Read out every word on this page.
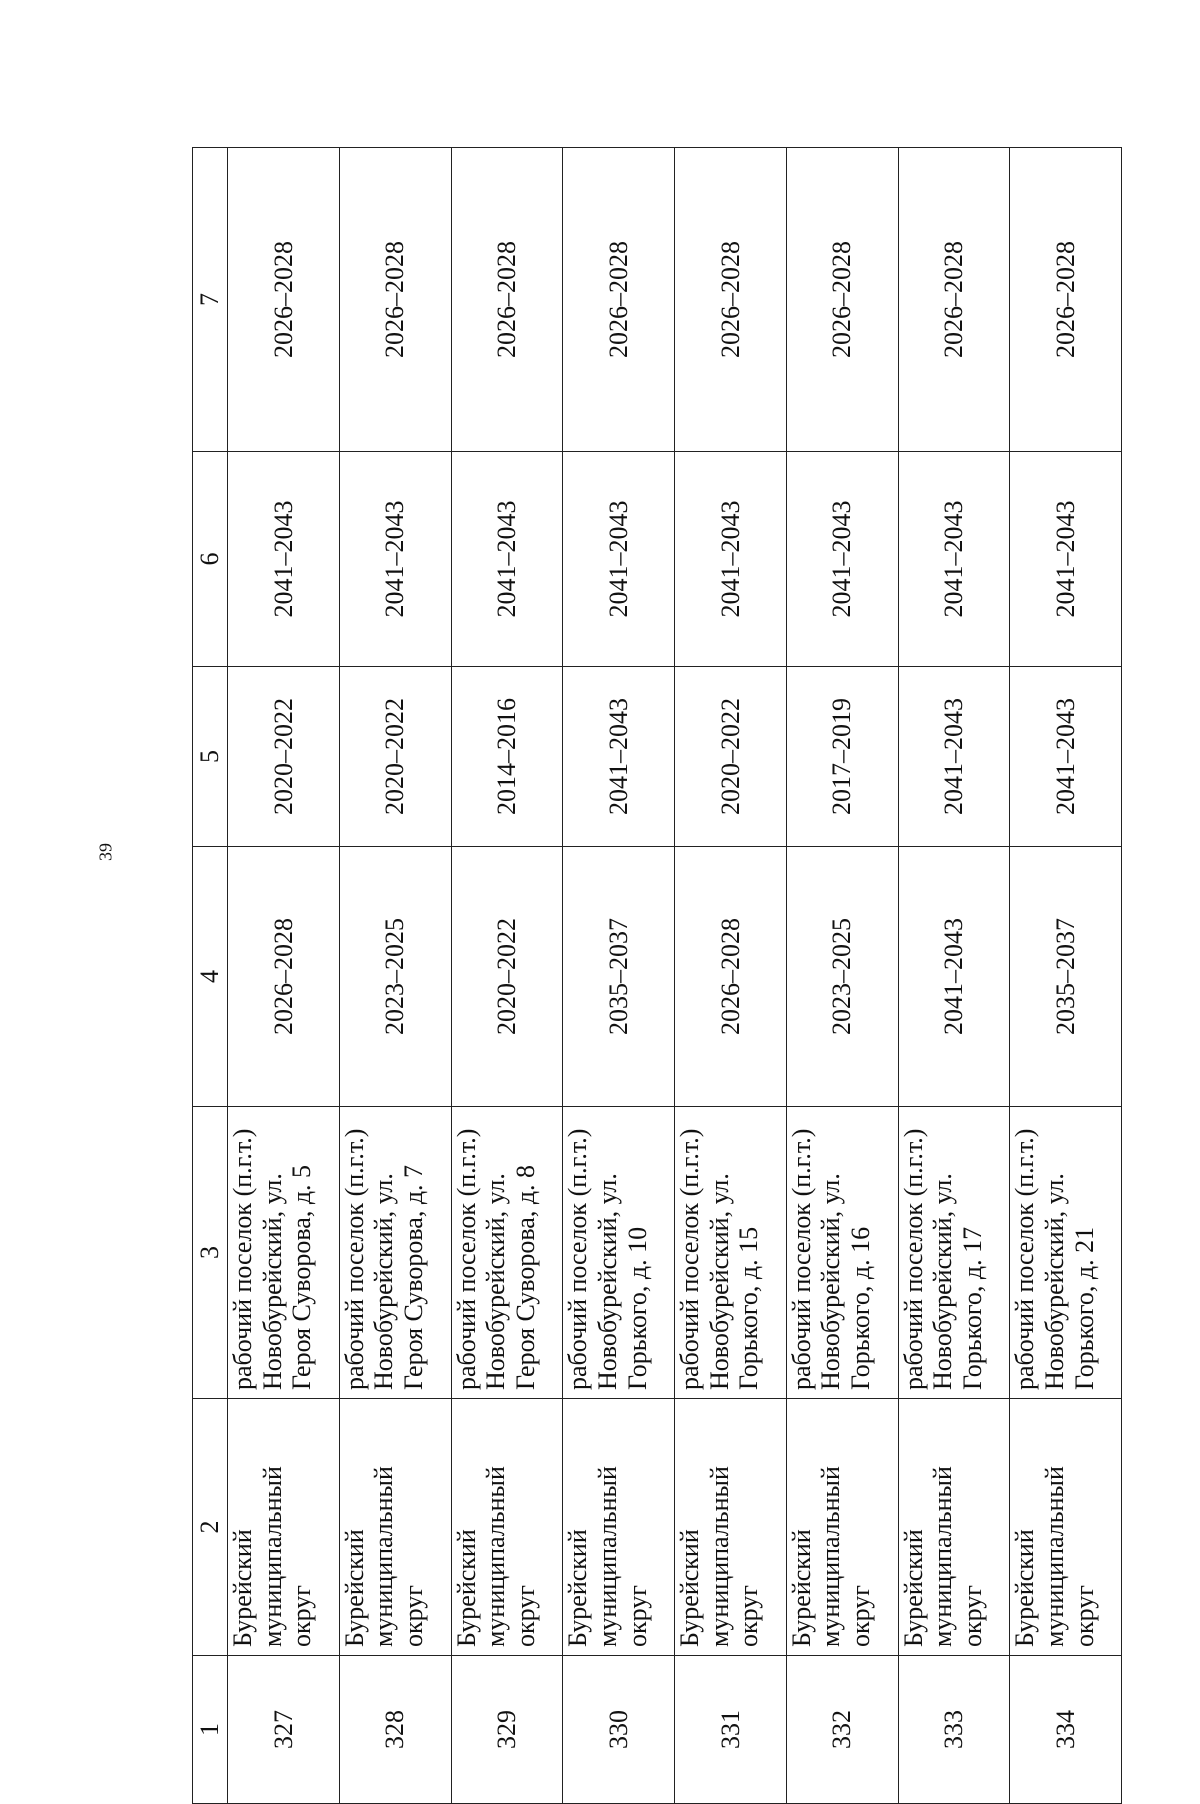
39
1	2	3	4	5	6	7
327	Бурейский муниципальный округ	рабочий поселок (п.г.т.) Новобурейский, ул. Героя Суворова, д. 5	2026–2028	2020–2022	2041–2043	2026–2028
328	Бурейский муниципальный округ	рабочий поселок (п.г.т.) Новобурейский, ул. Героя Суворова, д. 7	2023–2025	2020–2022	2041–2043	2026–2028
329	Бурейский муниципальный округ	рабочий поселок (п.г.т.) Новобурейский, ул. Героя Суворова, д. 8	2020–2022	2014–2016	2041–2043	2026–2028
330	Бурейский муниципальный округ	рабочий поселок (п.г.т.) Новобурейский, ул. Горького, д. 10	2035–2037	2041–2043	2041–2043	2026–2028
331	Бурейский муниципальный округ	рабочий поселок (п.г.т.) Новобурейский, ул. Горького, д. 15	2026–2028	2020–2022	2041–2043	2026–2028
332	Бурейский муниципальный округ	рабочий поселок (п.г.т.) Новобурейский, ул. Горького, д. 16	2023–2025	2017–2019	2041–2043	2026–2028
333	Бурейский муниципальный округ	рабочий поселок (п.г.т.) Новобурейский, ул. Горького, д. 17	2041–2043	2041–2043	2041–2043	2026–2028
334	Бурейский муниципальный округ	рабочий поселок (п.г.т.) Новобурейский, ул. Горького, д. 21	2035–2037	2041–2043	2041–2043	2026–2028
